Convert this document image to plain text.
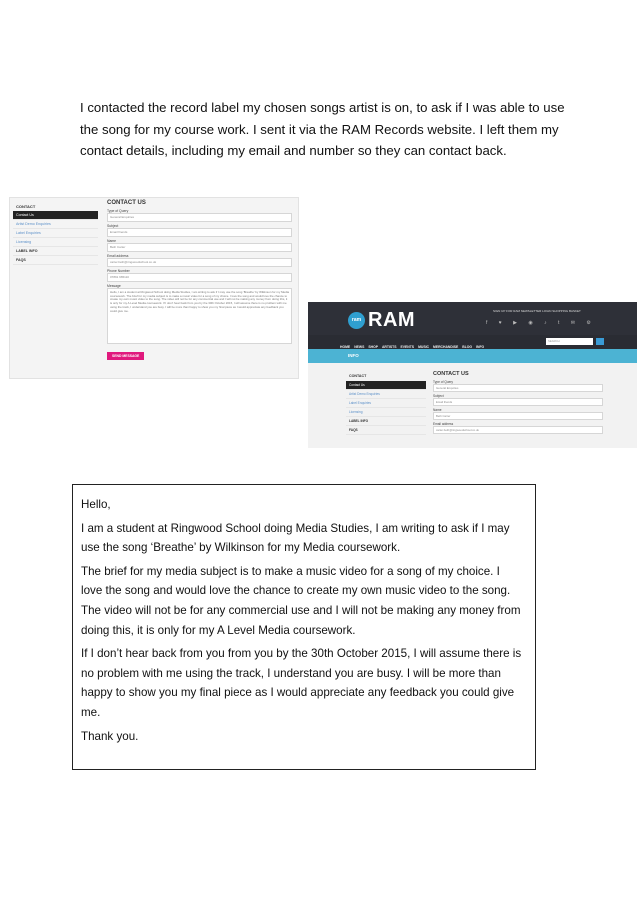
I contacted the record label my chosen songs artist is on, to ask if I was able to use the song for my course work. I sent it via the RAM Records website. I left them my contact details, including my email and number so they can contact back.
CONTACT
Contact Us
Artist Demo Enquiries
Label Enquiries
Licensing
LABEL INFO
FAQS
CONTACT US
Type of Query
General Enquiries
Subject
Email friends
Name
Beth Carter
Email address
carter.beth@ringwoodschool.co.uk
Phone Number
07891 965110
Message
Hello, I am a student at Ringwood School doing Media Studies, I am writing to ask if I may use the song 'Breathe' by Wilkinson for my Media coursework. The brief for my media subject is to make a music video for a song of my choice. I love the song and would love the chance to create my own music video to the song. The video will not be for any commercial use and I will not be making any money from doing this, it is only for my A Level Media coursework. If I don't hear back from you by the 30th October 2015, I will assume there is no problem with me using the track, I understand you are busy. I will be more than happy to show you my final piece as I would appreciate any feedback you could give me.
SEND MESSAGE
ram RAM	SIGN UP FOR RAM NEWSLETTER LOGIN SHOPPING BASKET
f ♥ ▶ ◉ ♪ t ✉ ⚙
HOME NEWS SHOP ARTISTS EVENTS MUSIC MERCHANDISE BLOG INFO
SEARCH
INFO
CONTACT
Contact Us
Artist Demo Enquiries
Label Enquiries
Licensing
LABEL INFO
FAQS
CONTACT US
Type of Query
General Enquiries
Subject
Email friends
Name
Beth Carter
Email address
carter.beth@ringwoodschool.co.uk

Hello,

I am a student at Ringwood School doing Media Studies, I am writing to ask if I may use the song ‘Breathe’ by Wilkinson for my Media coursework.

The brief for my media subject is to make a music video for a song of my choice. I love the song and would love the chance to create my own music video to the song. The video will not be for any commercial use and I will not be making any money from doing this, it is only for my A Level Media coursework.

If I don’t hear back from you from you by the 30th October 2015, I will assume there is no problem with me using the track, I understand you are busy. I will be more than happy to show you my final piece as I would appreciate any feedback you could give me.

Thank you.
